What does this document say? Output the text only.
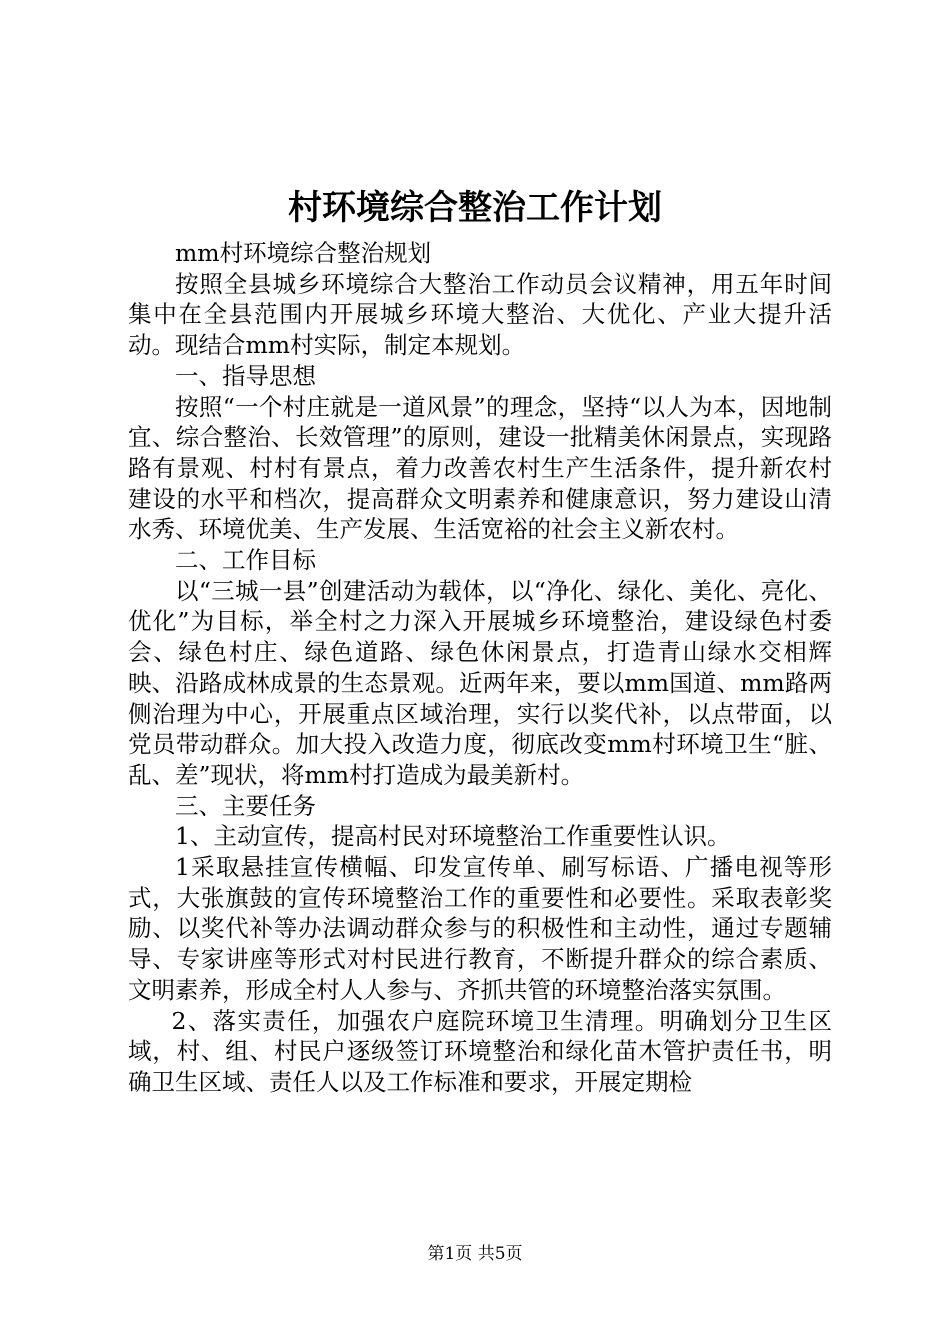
村环境综合整治工作计划

mm村环境综合整治规划

按照全县城乡环境综合大整治工作动员会议精神，用五年时间集中在全县范围内开展城乡环境大整治、大优化、产业大提升活动。现结合mm村实际，制定本规划。

一、指导思想

按照“一个村庄就是一道风景”的理念，坚持“以人为本，因地制宜、综合整治、长效管理”的原则，建设一批精美休闲景点，实现路路有景观、村村有景点，着力改善农村生产生活条件，提升新农村建设的水平和档次，提高群众文明素养和健康意识，努力建设山清水秀、环境优美、生产发展、生活宽裕的社会主义新农村。

二、工作目标

以“三城一县”创建活动为载体，以“净化、绿化、美化、亮化、优化”为目标，举全村之力深入开展城乡环境整治，建设绿色村委会、绿色村庄、绿色道路、绿色休闲景点，打造青山绿水交相辉映、沿路成林成景的生态景观。近两年来，要以mm国道、mm路两侧治理为中心，开展重点区域治理，实行以奖代补，以点带面，以党员带动群众。加大投入改造力度，彻底改变mm村环境卫生“脏、乱、差”现状，将mm村打造成为最美新村。

三、主要任务

1、主动宣传，提高村民对环境整治工作重要性认识。

1采取悬挂宣传横幅、印发宣传单、刷写标语、广播电视等形式，大张旗鼓的宣传环境整治工作的重要性和必要性。采取表彰奖励、以奖代补等办法调动群众参与的积极性和主动性，通过专题辅导、专家讲座等形式对村民进行教育，不断提升群众的综合素质、文明素养，形成全村人人参与、齐抓共管的环境整治落实氛围。

2、落实责任，加强农户庭院环境卫生清理。明确划分卫生区域，村、组、村民户逐级签订环境整治和绿化苗木管护责任书，明确卫生区域、责任人以及工作标准和要求，开展定期检

第1页 共5页
